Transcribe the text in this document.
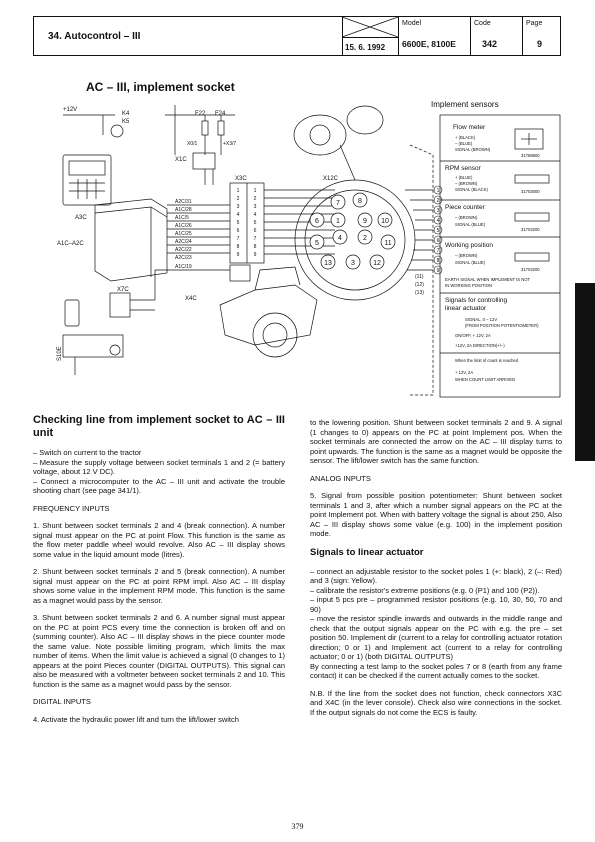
34. Autocontrol – III
15. 6. 1992
Model
6600E, 8100E
Code
342
Page
9
AC – III, implement socket
7	8
6 1	9 10
5
4	2
11
13	3	12
1
2
3
4
5
6
7
8
9
1
2
3
4
5
6
7
8
9
1
2
3
4
5
6
7
8
9
+12V
K4
K5
F22 F24
X0/1	+X3/7
X1C
A3C
X3C	X12C
A1C–A2C
X7C
X4C
S10E
A2C/31
A1C/28
A1C/5
A1C/26
A1C/25
A2C/24
A2C/22
A2C/23
A1C/19
(11)
(12)
(13)
Implement sensors
Flow meter
+ (BLACK)
– (BLUE)
SIGNAL (BROWN)
31788600
RPM sensor
+ (BLUE)
– (BROWN)
SIGNAL (BLACK)	31703000
Piece counter
– (BROWN)
SIGNAL (BLUE)
31703200
Working position
– (BROWN)
SIGNAL (BLUE)
31703200
EARTH SIGNAL WHEN IMPLEMENT IS NOT
IN WORKING POSITION
Signals for controlling
linear actuator
SIGNAL, 0 – 12V
(FROM POSITION POTENTIOMETER)
ON/OFF, + 12V, 2A
+12V, 2A DIRECTION(+/–)
When the limit of count is reached
+ 12V, 2A
WHEN COUNT LIMIT ARRIVED
Checking line from implement socket to AC – III unit
– Switch on current to the tractor
– Measure the supply voltage between socket terminals 1 and 2 (= battery voltage, about 12 V DC).
– Connect a microcomputer to the AC – III unit and activate the trouble shooting chart (see page 341/1).

FREQUENCY INPUTS

1. Shunt between socket terminals 2 and 4 (break connection). A number signal must appear on the PC at point Flow. This function is the same as the flow meter paddle wheel would revolve. Also AC – III display shows some value in the liquid amount mode (litres).

2. Shunt between socket terminals 2 and 5 (break connection). A number signal must appear on the PC at point RPM impl. Also AC – III display shows some value in the implement RPM mode. This function is the same as a magnet would pass by the sensor.

3. Shunt between socket terminals 2 and 6. A number signal must appear on the PC at point PCS every time the connection is broken off and on (summing counter). Also AC – III display shows in the piece counter mode the same value. Note possible limiting program, which limits the max number of items. When the limit value is achieved a signal (0 changes to 1) appears at the point Pieces counter (DIGITAL OUTPUTS). This signal can also be measured with a voltmeter between socket terminals 2 and 10. This function is the same as a magnet would pass by the sensor.

DIGITAL INPUTS

4. Activate the hydraulic power lift and turn the lift/lower switch

to the lowering position. Shunt between socket terminals 2 and 9. A signal (1 changes to 0) appears on the PC at point Implement pos. When the socket terminals are connected the arrow on the AC – III display turns to point upwards. The function is the same as a magnet would be opposite the sensor. The lift/lower switch has the same function.

ANALOG INPUTS

5. Signal from possible position potentiometer: Shunt between socket terminals 1 and 3, after which a number signal appears on the PC at the point Implement pot. When with battery voltage the signal is about 250. Also AC – III display shows some value (e.g. 100) in the implement position mode.

Signals to linear actuator
– connect an adjustable resistor to the socket poles 1 (+: black), 2 (–: Red) and 3 (sign: Yellow).
– calibrate the resistor's extreme positions (e.g. 0 (P1) and 100 (P2)).
– input 5 pcs pre – programmed resistor positions (e.g. 10, 30, 50, 70 and 90)
– move the resistor spindle inwards and outwards in the middle range and check that the output signals appear on the PC with e.g. the pre – set position 50. Implement dir (current to a relay for controlling actuator rotation direction; 0 or 1) and Implement act (current to a relay for controlling actuator; 0 or 1) (both DIGITAL OUTPUTS)

By connecting a test lamp to the socket poles 7 or 8 (earth from any frame contact) it can be checked if the current actually comes to the socket.

N.B. If the line from the socket does not function, check connectors X3C and X4C (in the lever console). Check also wire connections in the socket. If the output signals do not come the ECS is faulty.

379
